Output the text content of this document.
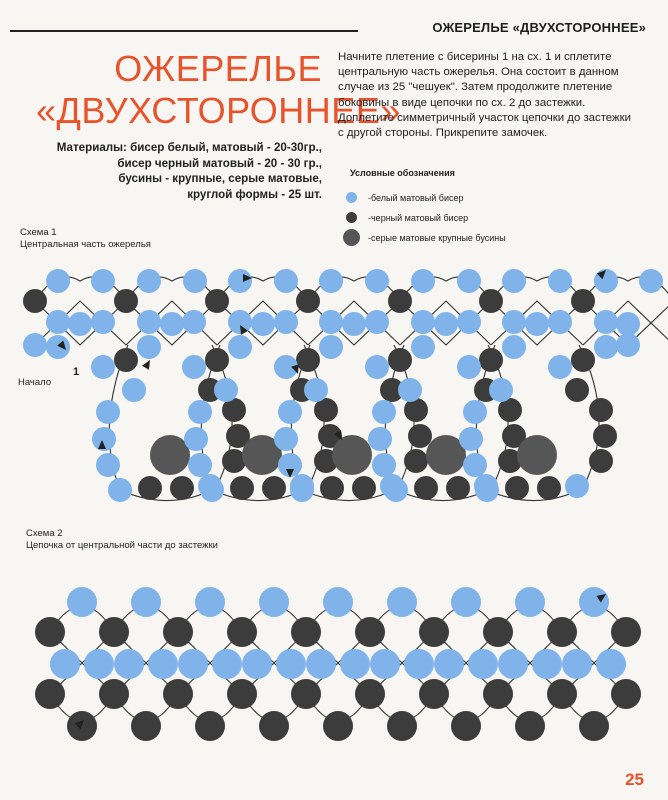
ОЖЕРЕЛЬЕ «ДВУХСТОРОННЕЕ»
ОЖЕРЕЛЬЕ
«ДВУХСТОРОННЕЕ»
Материалы: бисер белый, матовый - 20-30гр.,
бисер черный матовый - 20 - 30 гр.,
бусины - крупные, серые матовые,
круглой формы - 25 шт.
Начните плетение с бисерины 1 на сх. 1 и сплетите
центральную часть ожерелья. Она состоит в данном
случае из 25 "чешуек". Затем продолжите плетение
боковины в виде цепочки по сх. 2 до застежки.
Доплетите симметричный участок цепочки до застежки
с другой стороны. Прикрепите замочек.
Условные обозначения
-белый матовый бисер
-черный матовый бисер
-серые матовые крупные бусины
Схема 1
Центральная часть ожерелья
Начало
1
Схема 2
Цепочка от центральной части до застежки
25
